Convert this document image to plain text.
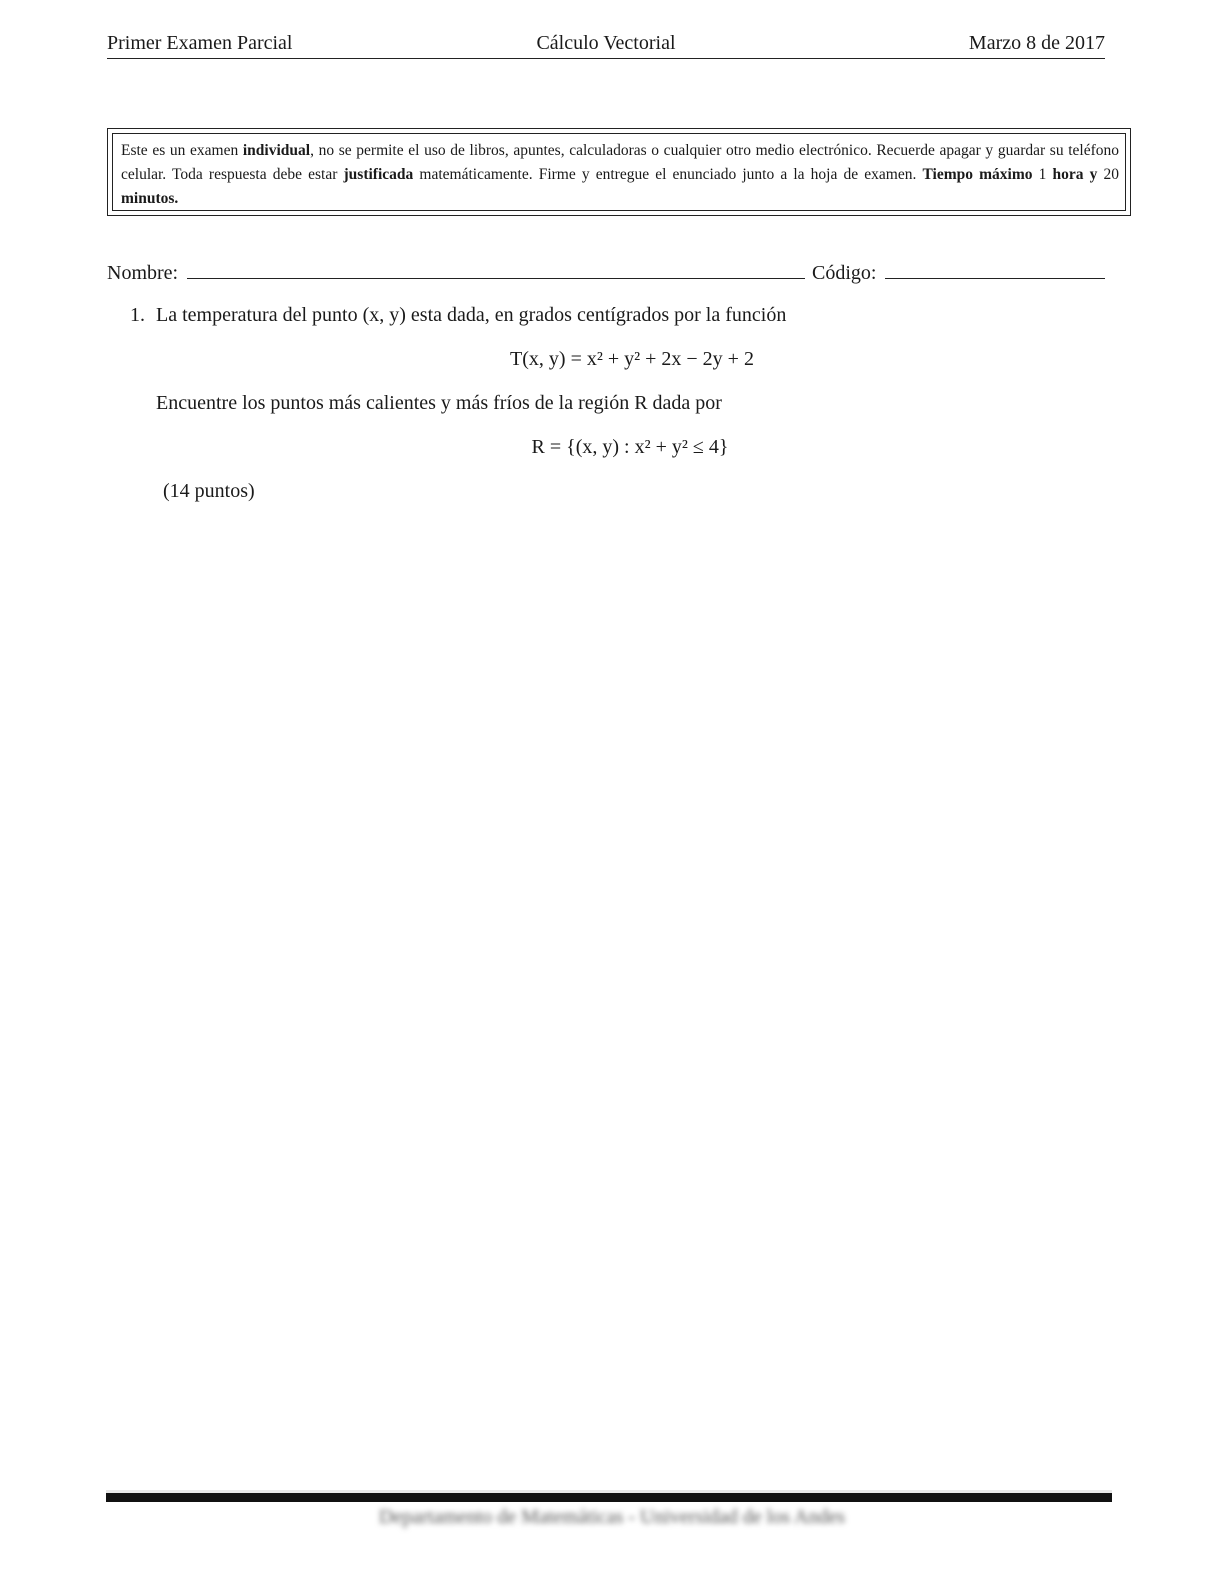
Primer Examen Parcial	Cálculo Vectorial	Marzo 8 de 2017
Este es un examen individual, no se permite el uso de libros, apuntes, calculadoras o cualquier otro medio electrónico. Recuerde apagar y guardar su teléfono celular. Toda respuesta debe estar justificada matemáticamente. Firme y entregue el enunciado junto a la hoja de examen. Tiempo máximo 1 hora y 20 minutos.
Nombre:	Código:
1. La temperatura del punto (x, y) esta dada, en grados centígrados por la función
T(x, y) = x² + y² + 2x − 2y + 2
Encuentre los puntos más calientes y más fríos de la región R dada por
R = {(x, y) : x² + y² ≤ 4}
(14 puntos)
Departamento de Matemáticas - Universidad de los Andes
